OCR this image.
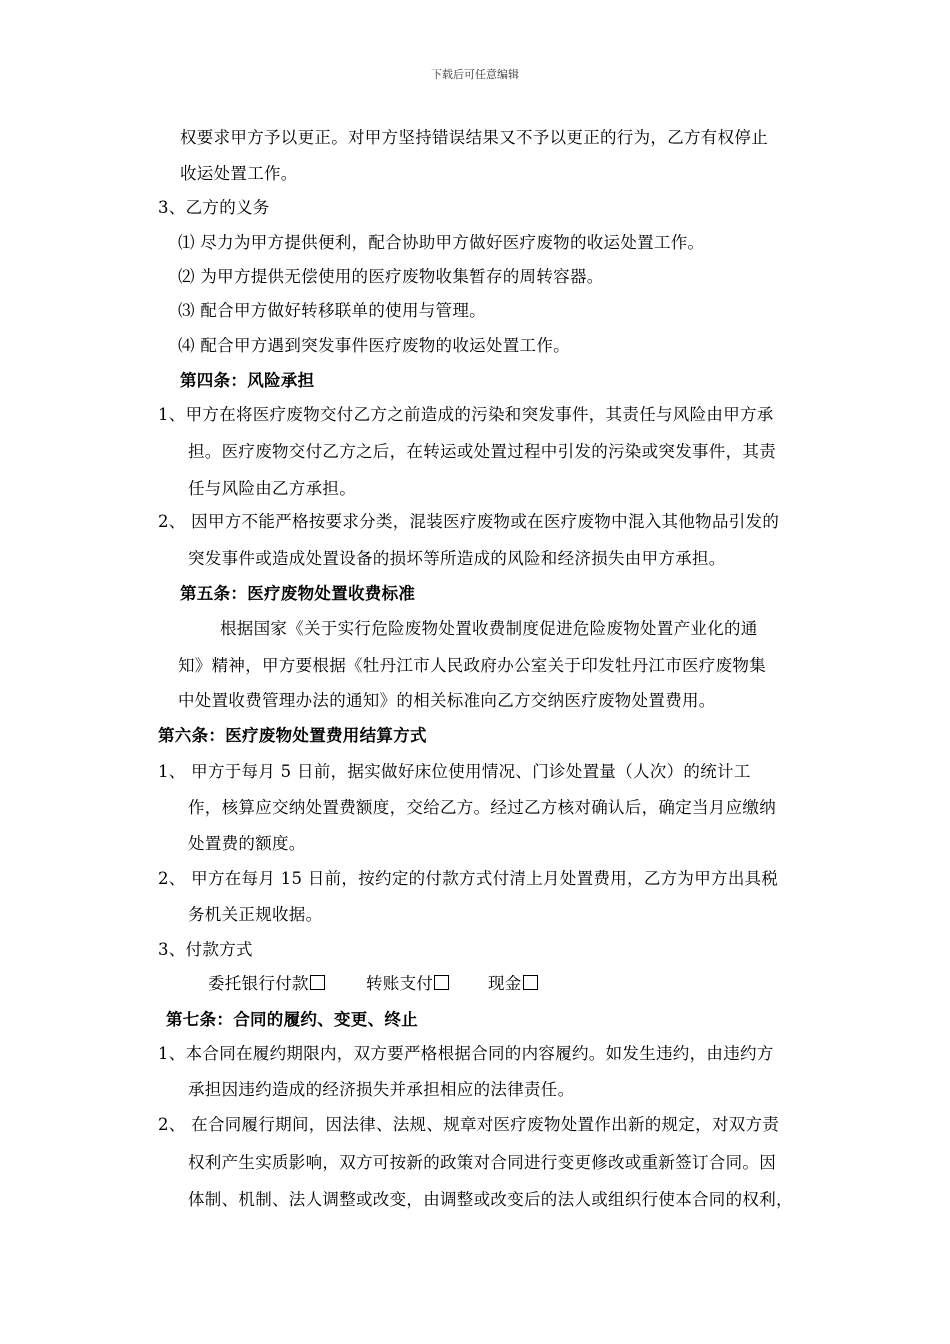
下载后可任意编辑
权要求甲方予以更正。对甲方坚持错误结果又不予以更正的行为，乙方有权停止
收运处置工作。
3、乙方的义务
⑴ 尽力为甲方提供便利，配合协助甲方做好医疗废物的收运处置工作。
⑵ 为甲方提供无偿使用的医疗废物收集暂存的周转容器。
⑶ 配合甲方做好转移联单的使用与管理。
⑷ 配合甲方遇到突发事件医疗废物的收运处置工作。
第四条：风险承担
1、甲方在将医疗废物交付乙方之前造成的污染和突发事件，其责任与风险由甲方承
担。医疗废物交付乙方之后，在转运或处置过程中引发的污染或突发事件，其责
任与风险由乙方承担。
2、 因甲方不能严格按要求分类，混装医疗废物或在医疗废物中混入其他物品引发的
突发事件或造成处置设备的损坏等所造成的风险和经济损失由甲方承担。
第五条：医疗废物处置收费标准
根据国家《关于实行危险废物处置收费制度促进危险废物处置产业化的通
知》精神，甲方要根据《牡丹江市人民政府办公室关于印发牡丹江市医疗废物集
中处置收费管理办法的通知》的相关标准向乙方交纳医疗废物处置费用。
第六条：医疗废物处置费用结算方式
1、 甲方于每月 5 日前，据实做好床位使用情况、门诊处置量（人次）的统计工
作，核算应交纳处置费额度，交给乙方。经过乙方核对确认后，确定当月应缴纳
处置费的额度。
2、 甲方在每月 15 日前，按约定的付款方式付清上月处置费用，乙方为甲方出具税
务机关正规收据。
3、付款方式
委托银行付款	转账支付	现金
第七条：合同的履约、变更、终止
1、本合同在履约期限内，双方要严格根据合同的内容履约。如发生违约，由违约方
承担因违约造成的经济损失并承担相应的法律责任。
2、 在合同履行期间，因法律、法规、规章对医疗废物处置作出新的规定，对双方责
权利产生实质影响，双方可按新的政策对合同进行变更修改或重新签订合同。因
体制、机制、法人调整或改变，由调整或改变后的法人或组织行使本合同的权利，
